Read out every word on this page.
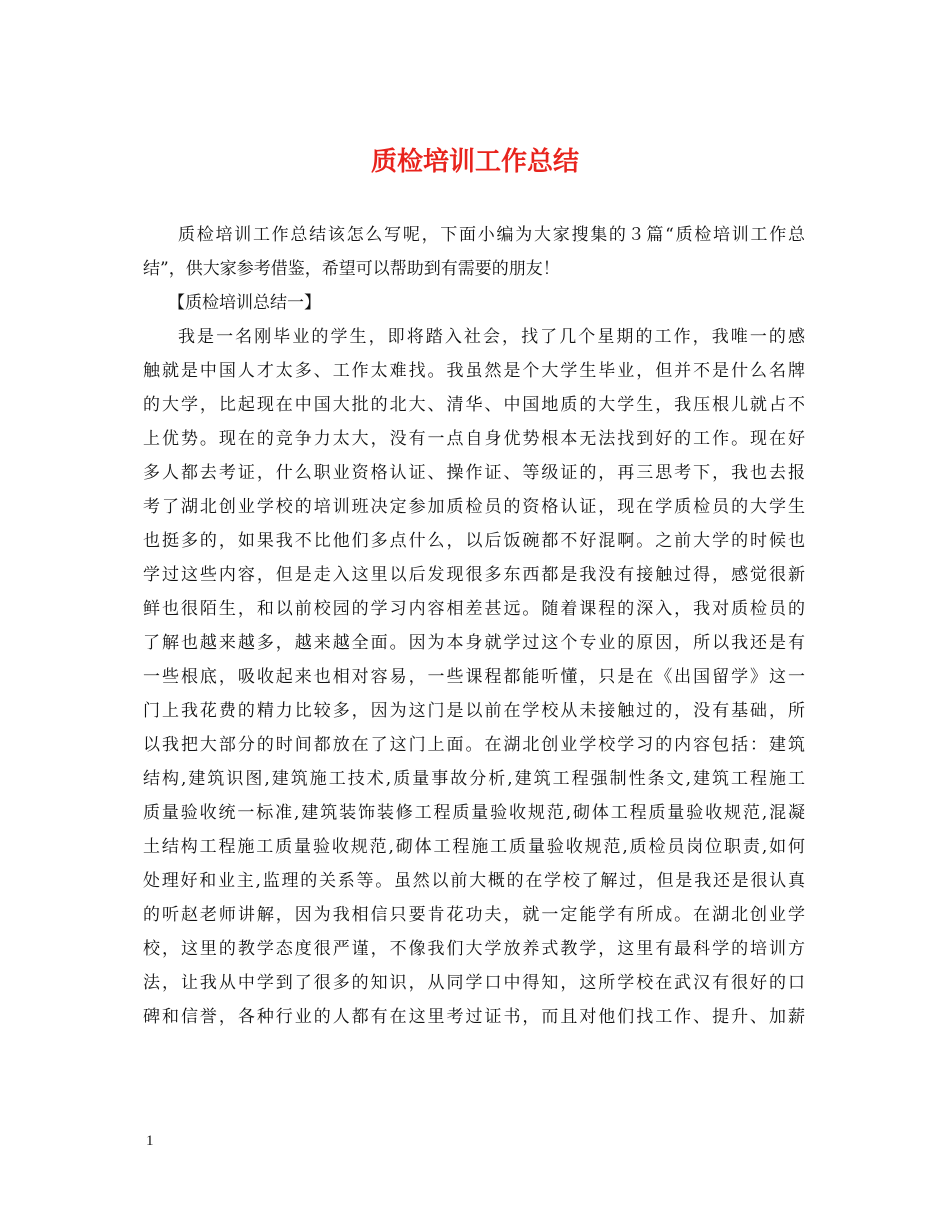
质检培训工作总结
质检培训工作总结该怎么写呢，下面小编为大家搜集的３篇“质检培训工作总
结”，供大家参考借鉴，希望可以帮助到有需要的朋友！
【质检培训总结一】
我是一名刚毕业的学生，即将踏入社会，找了几个星期的工作，我唯一的感
触就是中国人才太多、工作太难找。我虽然是个大学生毕业，但并不是什么名牌
的大学，比起现在中国大批的北大、清华、中国地质的大学生，我压根儿就占不
上优势。现在的竞争力太大，没有一点自身优势根本无法找到好的工作。现在好
多人都去考证，什么职业资格认证、操作证、等级证的，再三思考下，我也去报
考了湖北创业学校的培训班决定参加质检员的资格认证，现在学质检员的大学生
也挺多的，如果我不比他们多点什么，以后饭碗都不好混啊。之前大学的时候也
学过这些内容，但是走入这里以后发现很多东西都是我没有接触过得，感觉很新
鲜也很陌生，和以前校园的学习内容相差甚远。随着课程的深入，我对质检员的
了解也越来越多，越来越全面。因为本身就学过这个专业的原因，所以我还是有
一些根底，吸收起来也相对容易，一些课程都能听懂，只是在《出国留学》这一
门上我花费的精力比较多，因为这门是以前在学校从未接触过的，没有基础，所
以我把大部分的时间都放在了这门上面。在湖北创业学校学习的内容包括：建筑
结构,建筑识图,建筑施工技术,质量事故分析,建筑工程强制性条文,建筑工程施工
质量验收统一标准,建筑装饰装修工程质量验收规范,砌体工程质量验收规范,混凝
土结构工程施工质量验收规范,砌体工程施工质量验收规范,质检员岗位职责,如何
处理好和业主,监理的关系等。虽然以前大概的在学校了解过，但是我还是很认真
的听赵老师讲解，因为我相信只要肯花功夫，就一定能学有所成。在湖北创业学
校，这里的教学态度很严谨，不像我们大学放养式教学，这里有最科学的培训方
法，让我从中学到了很多的知识，从同学口中得知，这所学校在武汉有很好的口
碑和信誉，各种行业的人都有在这里考过证书，而且对他们找工作、提升、加薪
1
